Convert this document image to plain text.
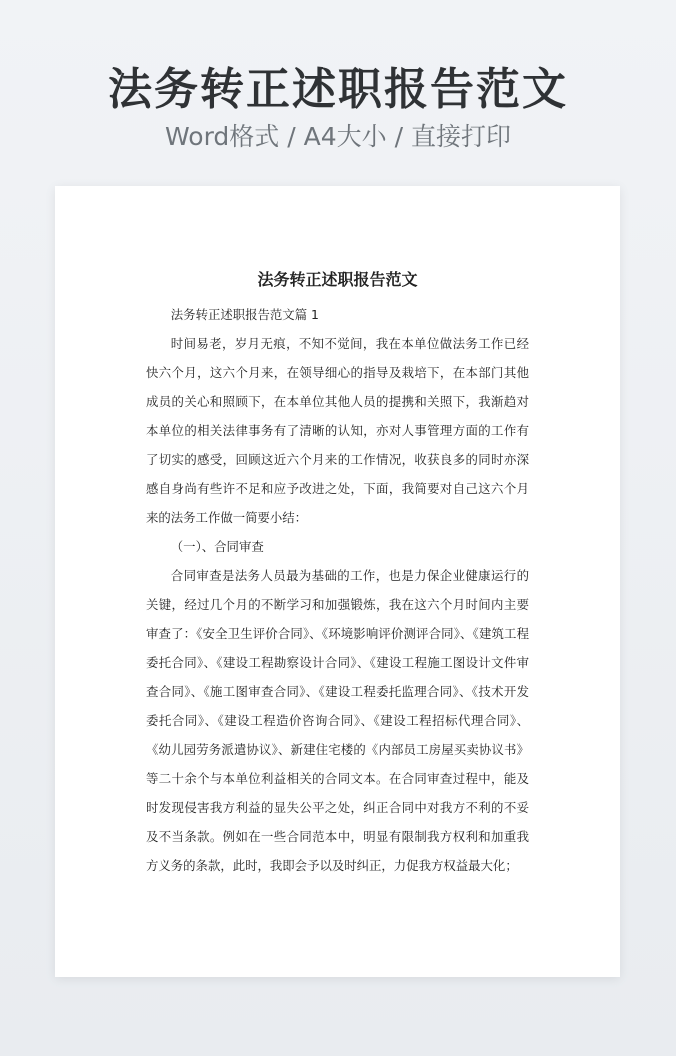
法务转正述职报告范文
Word格式 / A4大小 / 直接打印
法务转正述职报告范文

法务转正述职报告范文篇 1

时间易老，岁月无痕，不知不觉间，我在本单位做法务工作已经快六个月，这六个月来，在领导细心的指导及栽培下，在本部门其他成员的关心和照顾下，在本单位其他人员的提携和关照下，我渐趋对本单位的相关法律事务有了清晰的认知，亦对人事管理方面的工作有了切实的感受，回顾这近六个月来的工作情况，收获良多的同时亦深感自身尚有些许不足和应予改进之处，下面，我简要对自己这六个月来的法务工作做一简要小结：

（一）、合同审查

合同审查是法务人员最为基础的工作，也是力保企业健康运行的关键，经过几个月的不断学习和加强锻炼，我在这六个月时间内主要审查了：《安全卫生评价合同》、《环境影响评价测评合同》、《建筑工程委托合同》、《建设工程勘察设计合同》、《建设工程施工图设计文件审查合同》、《施工图审查合同》、《建设工程委托监理合同》、《技术开发委托合同》、《建设工程造价咨询合同》、《建设工程招标代理合同》、《幼儿园劳务派遣协议》、新建住宅楼的《内部员工房屋买卖协议书》等二十余个与本单位利益相关的合同文本。在合同审查过程中，能及时发现侵害我方利益的显失公平之处，纠正合同中对我方不利的不妥及不当条款。例如在一些合同范本中，明显有限制我方权利和加重我方义务的条款，此时，我即会予以及时纠正，力促我方权益最大化；
